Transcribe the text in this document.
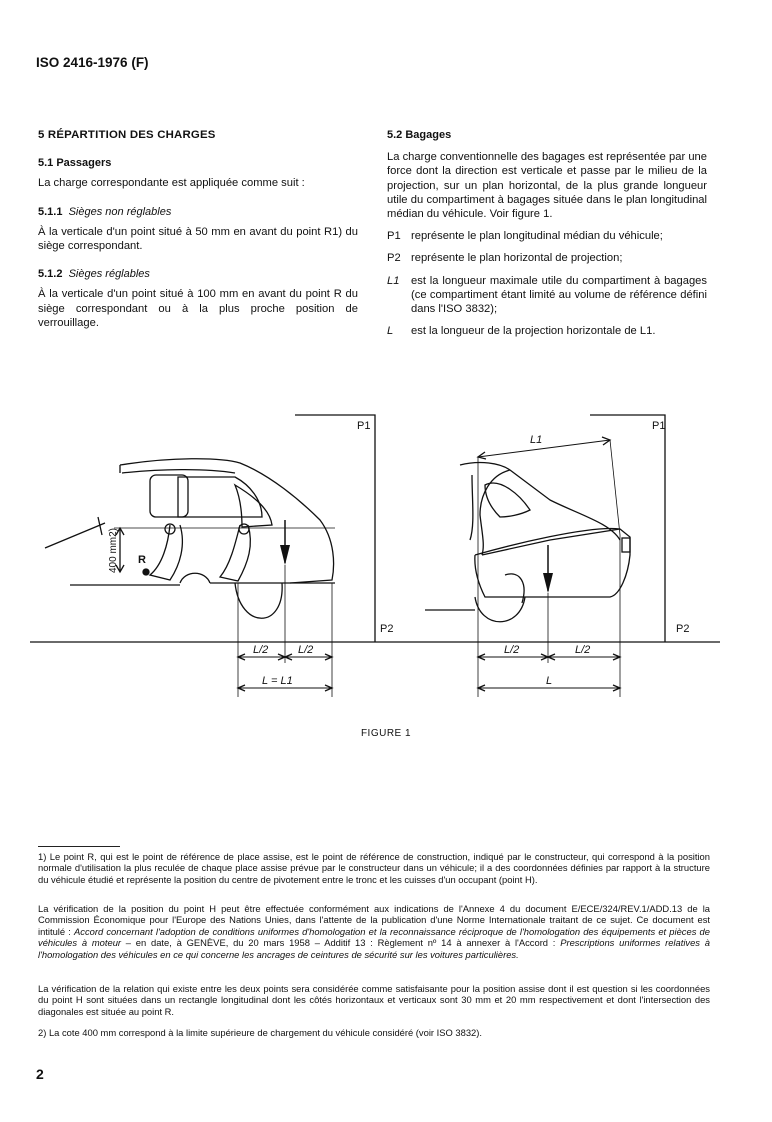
ISO 2416-1976 (F)
5 RÉPARTITION DES CHARGES
5.1 Passagers

La charge correspondante est appliquée comme suit :

5.1.1 Sièges non réglables

À la verticale d'un point situé à 50 mm en avant du point R1) du siège correspondant.

5.1.2 Sièges réglables

À la verticale d'un point situé à 100 mm en avant du point R du siège correspondant ou à la plus proche position de verrouillage.

5.2 Bagages

La charge conventionnelle des bagages est représentée par une force dont la direction est verticale et passe par le milieu de la projection, sur un plan horizontal, de la plus grande longueur utile du compartiment à bagages située dans le plan longitudinal médian du véhicule. Voir figure 1.

P1 représente le plan longitudinal médian du véhicule;
P2 représente le plan horizontal de projection;
L1	est la longueur maximale utile du compartiment à bagages (ce compartiment étant limité au volume de référence défini dans l'ISO 3832);
L	est la longueur de la projection horizontale de L1.
P1
P2
R
400 mm2)
L/2	L/2
L = L1
P1
P2
L1
L/2	L/2
L
FIGURE 1
1) Le point R, qui est le point de référence de place assise, est le point de référence de construction, indiqué par le constructeur, qui correspond à la position normale d'utilisation la plus reculée de chaque place assise prévue par le constructeur dans un véhicule; il a des coordonnées définies par rapport à la structure du véhicule étudié et représente la position du centre de pivotement entre le tronc et les cuisses d'un occupant (point H).
La vérification de la position du point H peut être effectuée conformément aux indications de l'Annexe 4 du document E/ECE/324/REV.1/ADD.13 de la Commission Économique pour l'Europe des Nations Unies, dans l'attente de la publication d'une Norme Internationale traitant de ce sujet. Ce document est intitulé : Accord concernant l'adoption de conditions uniformes d'homologation et la reconnaissance réciproque de l'homologation des équipements et pièces de véhicules à moteur – en date, à GENÈVE, du 20 mars 1958 – Additif 13 : Règlement nº 14 à annexer à l'Accord : Prescriptions uniformes relatives à l'homologation des véhicules en ce qui concerne les ancrages de ceintures de sécurité sur les voitures particulières.
La vérification de la relation qui existe entre les deux points sera considérée comme satisfaisante pour la position assise dont il est question si les coordonnées du point H sont situées dans un rectangle longitudinal dont les côtés horizontaux et verticaux sont 30 mm et 20 mm respectivement et dont l'intersection des diagonales est située au point R.
2) La cote 400 mm correspond à la limite supérieure de chargement du véhicule considéré (voir ISO 3832).
2
